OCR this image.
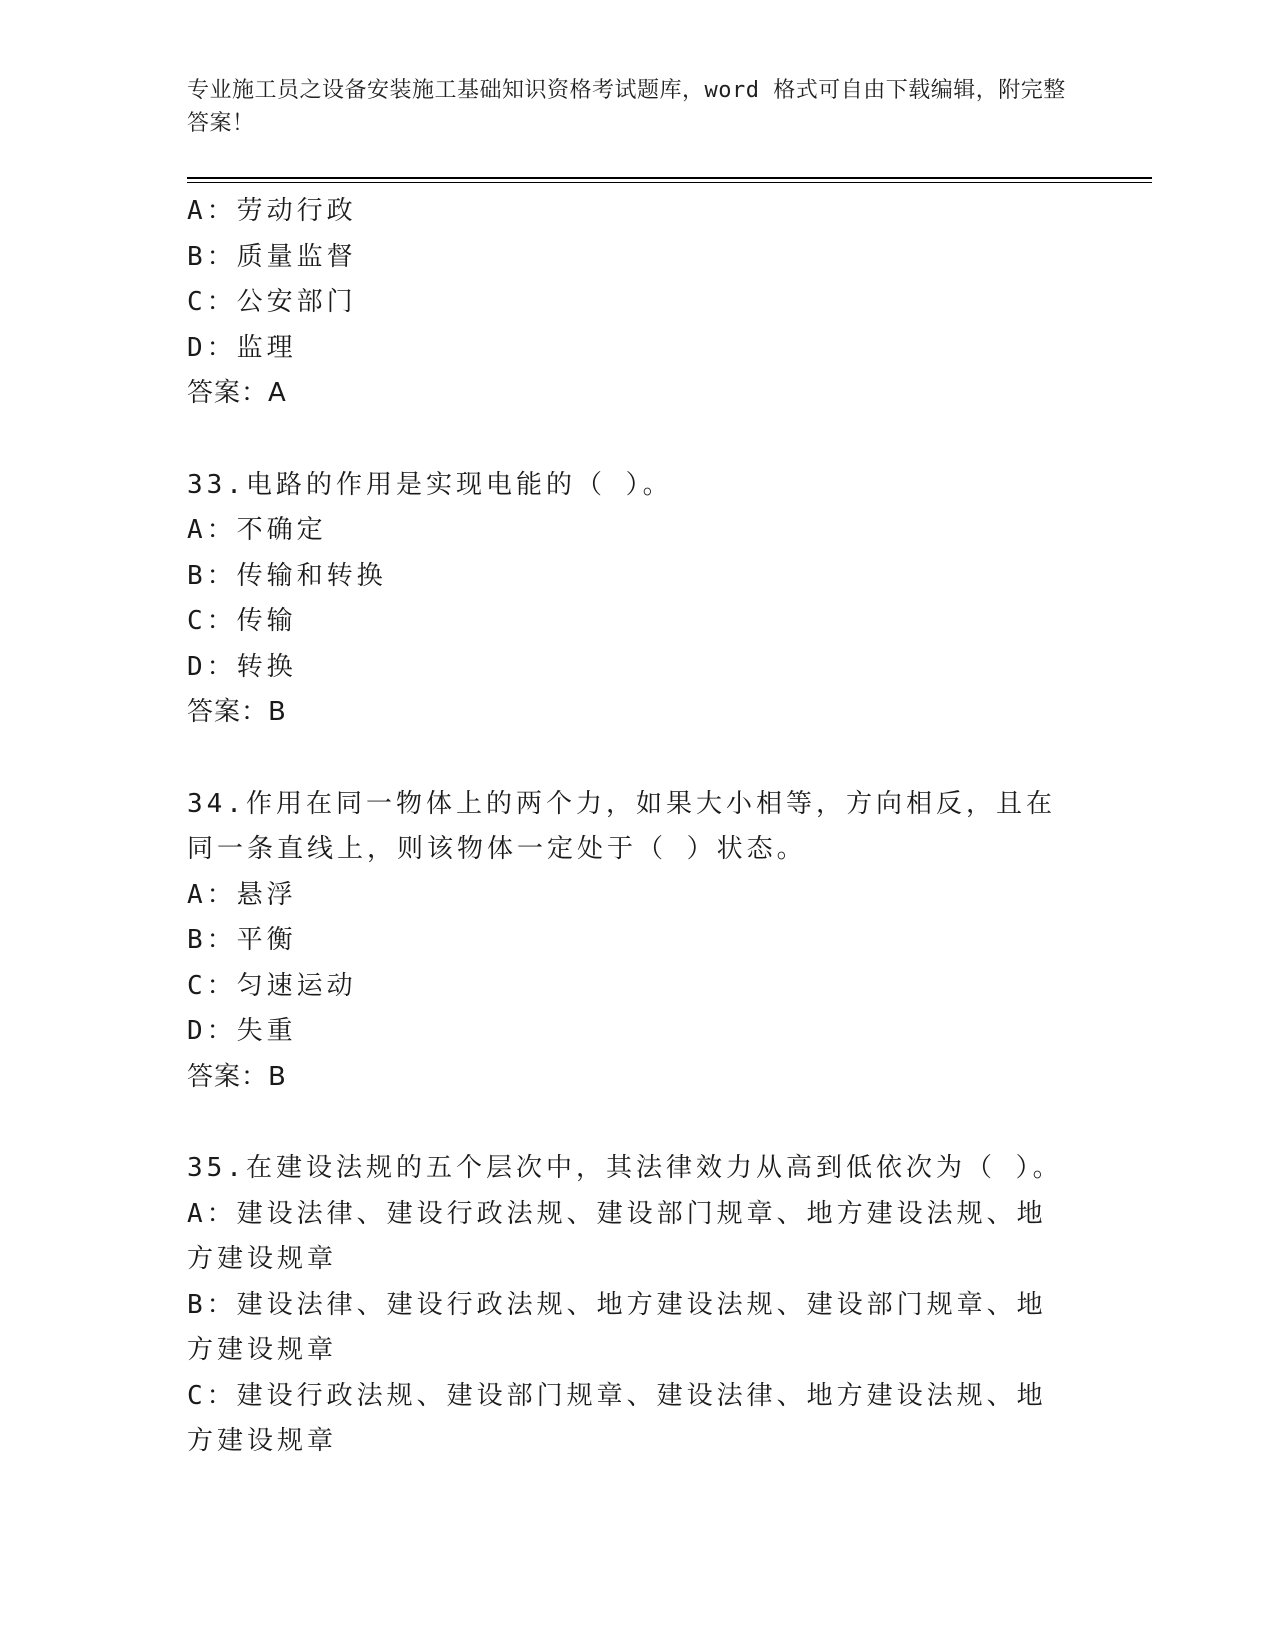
专业施工员之设备安装施工基础知识资格考试题库，word 格式可自由下载编辑，附完整答案！
A：劳动行政
B：质量监督
C：公安部门
D：监理
答案：A
33.电路的作用是实现电能的（ ）。
A：不确定
B：传输和转换
C：传输
D：转换
答案：B
34.作用在同一物体上的两个力，如果大小相等，方向相反，且在同一条直线上，则该物体一定处于（ ）状态。
A：悬浮
B：平衡
C：匀速运动
D：失重
答案：B
35.在建设法规的五个层次中，其法律效力从高到低依次为（ ）。
A：建设法律、建设行政法规、建设部门规章、地方建设法规、地方建设规章
B：建设法律、建设行政法规、地方建设法规、建设部门规章、地方建设规章
C：建设行政法规、建设部门规章、建设法律、地方建设法规、地方建设规章
